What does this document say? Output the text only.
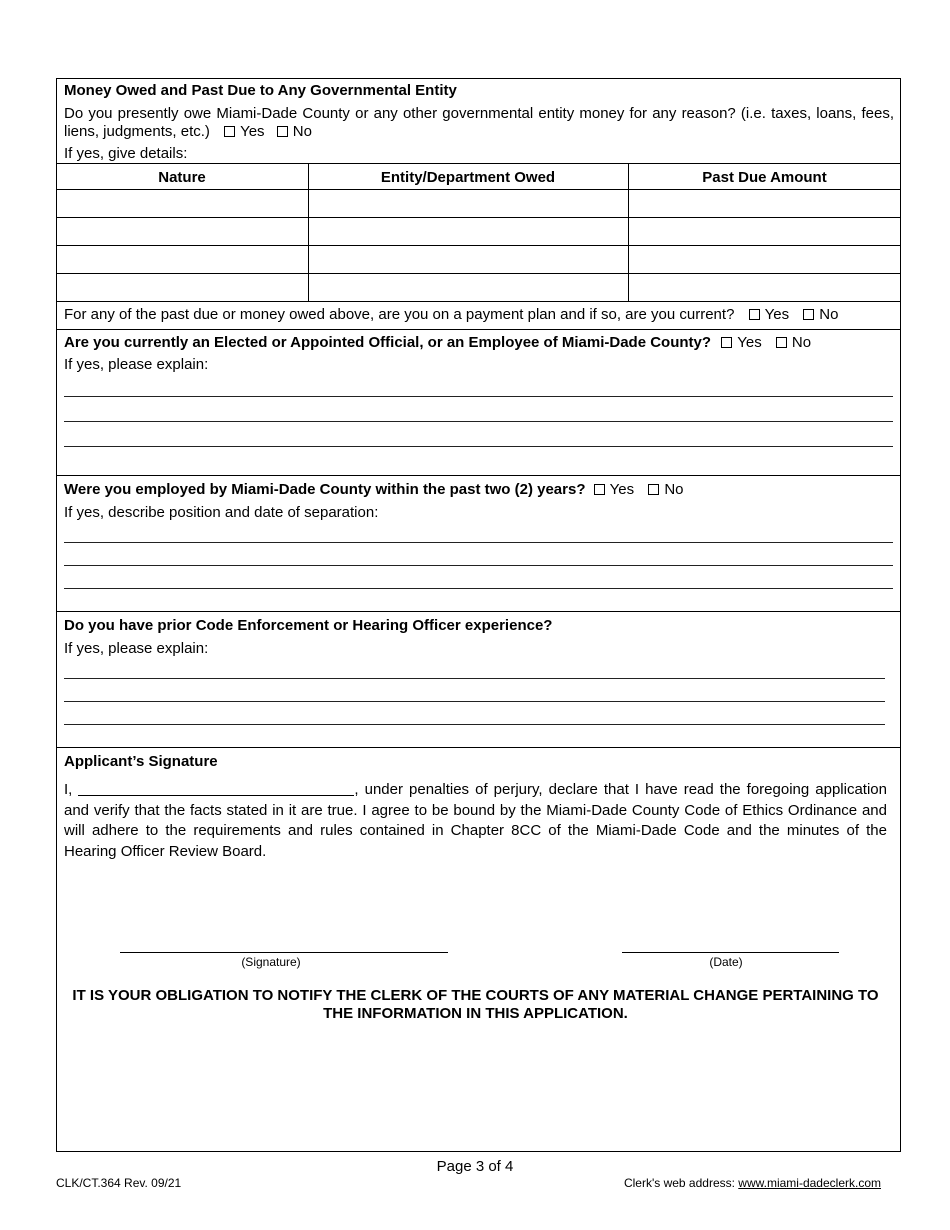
Money Owed and Past Due to Any Governmental Entity
Do you presently owe Miami-Dade County or any other governmental entity money for any reason? (i.e. taxes, loans, fees, liens, judgments, etc.) Yes No
If yes, give details:
Nature	Entity/Department Owed	Past Due Amount
For any of the past due or money owed above, are you on a payment plan and if so, are you current? Yes No
Are you currently an Elected or Appointed Official, or an Employee of Miami-Dade County? Yes No
If yes, please explain:
Were you employed by Miami-Dade County within the past two (2) years? Yes No
If yes, describe position and date of separation:
Do you have prior Code Enforcement or Hearing Officer experience?
If yes, please explain:
Applicant’s Signature
I,	, under penalties of perjury, declare that I have read the foregoing application and verify that the facts stated in it are true. I agree to be bound by the Miami-Dade County Code of Ethics Ordinance and will adhere to the requirements and rules contained in Chapter 8CC of the Miami-Dade Code and the minutes of the Hearing Officer Review Board.
(Signature)	(Date)
IT IS YOUR OBLIGATION TO NOTIFY THE CLERK OF THE COURTS OF ANY MATERIAL CHANGE PERTAINING TO THE INFORMATION IN THIS APPLICATION.
Page 3 of 4
CLK/CT.364 Rev. 09/21	Clerk's web address: www.miami-dadeclerk.com
